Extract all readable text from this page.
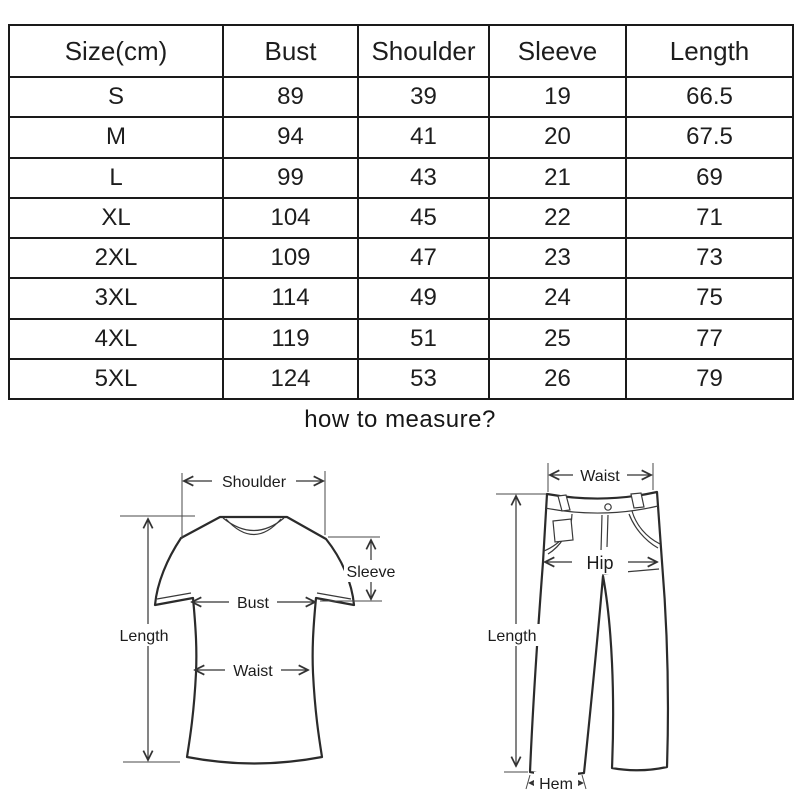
Size(cm)	Bust	Shoulder	Sleeve	Length
S	89	39	19	66.5
M	94	41	20	67.5
L	99	43	21	69
XL	104	45	22	71
2XL	109	47	23	73
3XL	114	49	24	75
4XL	119	51	25	77
5XL	124	53	26	79
how to measure?
Shoulder
Length
Sleeve
Bust
Waist
Waist
Hip
Length
Hem
